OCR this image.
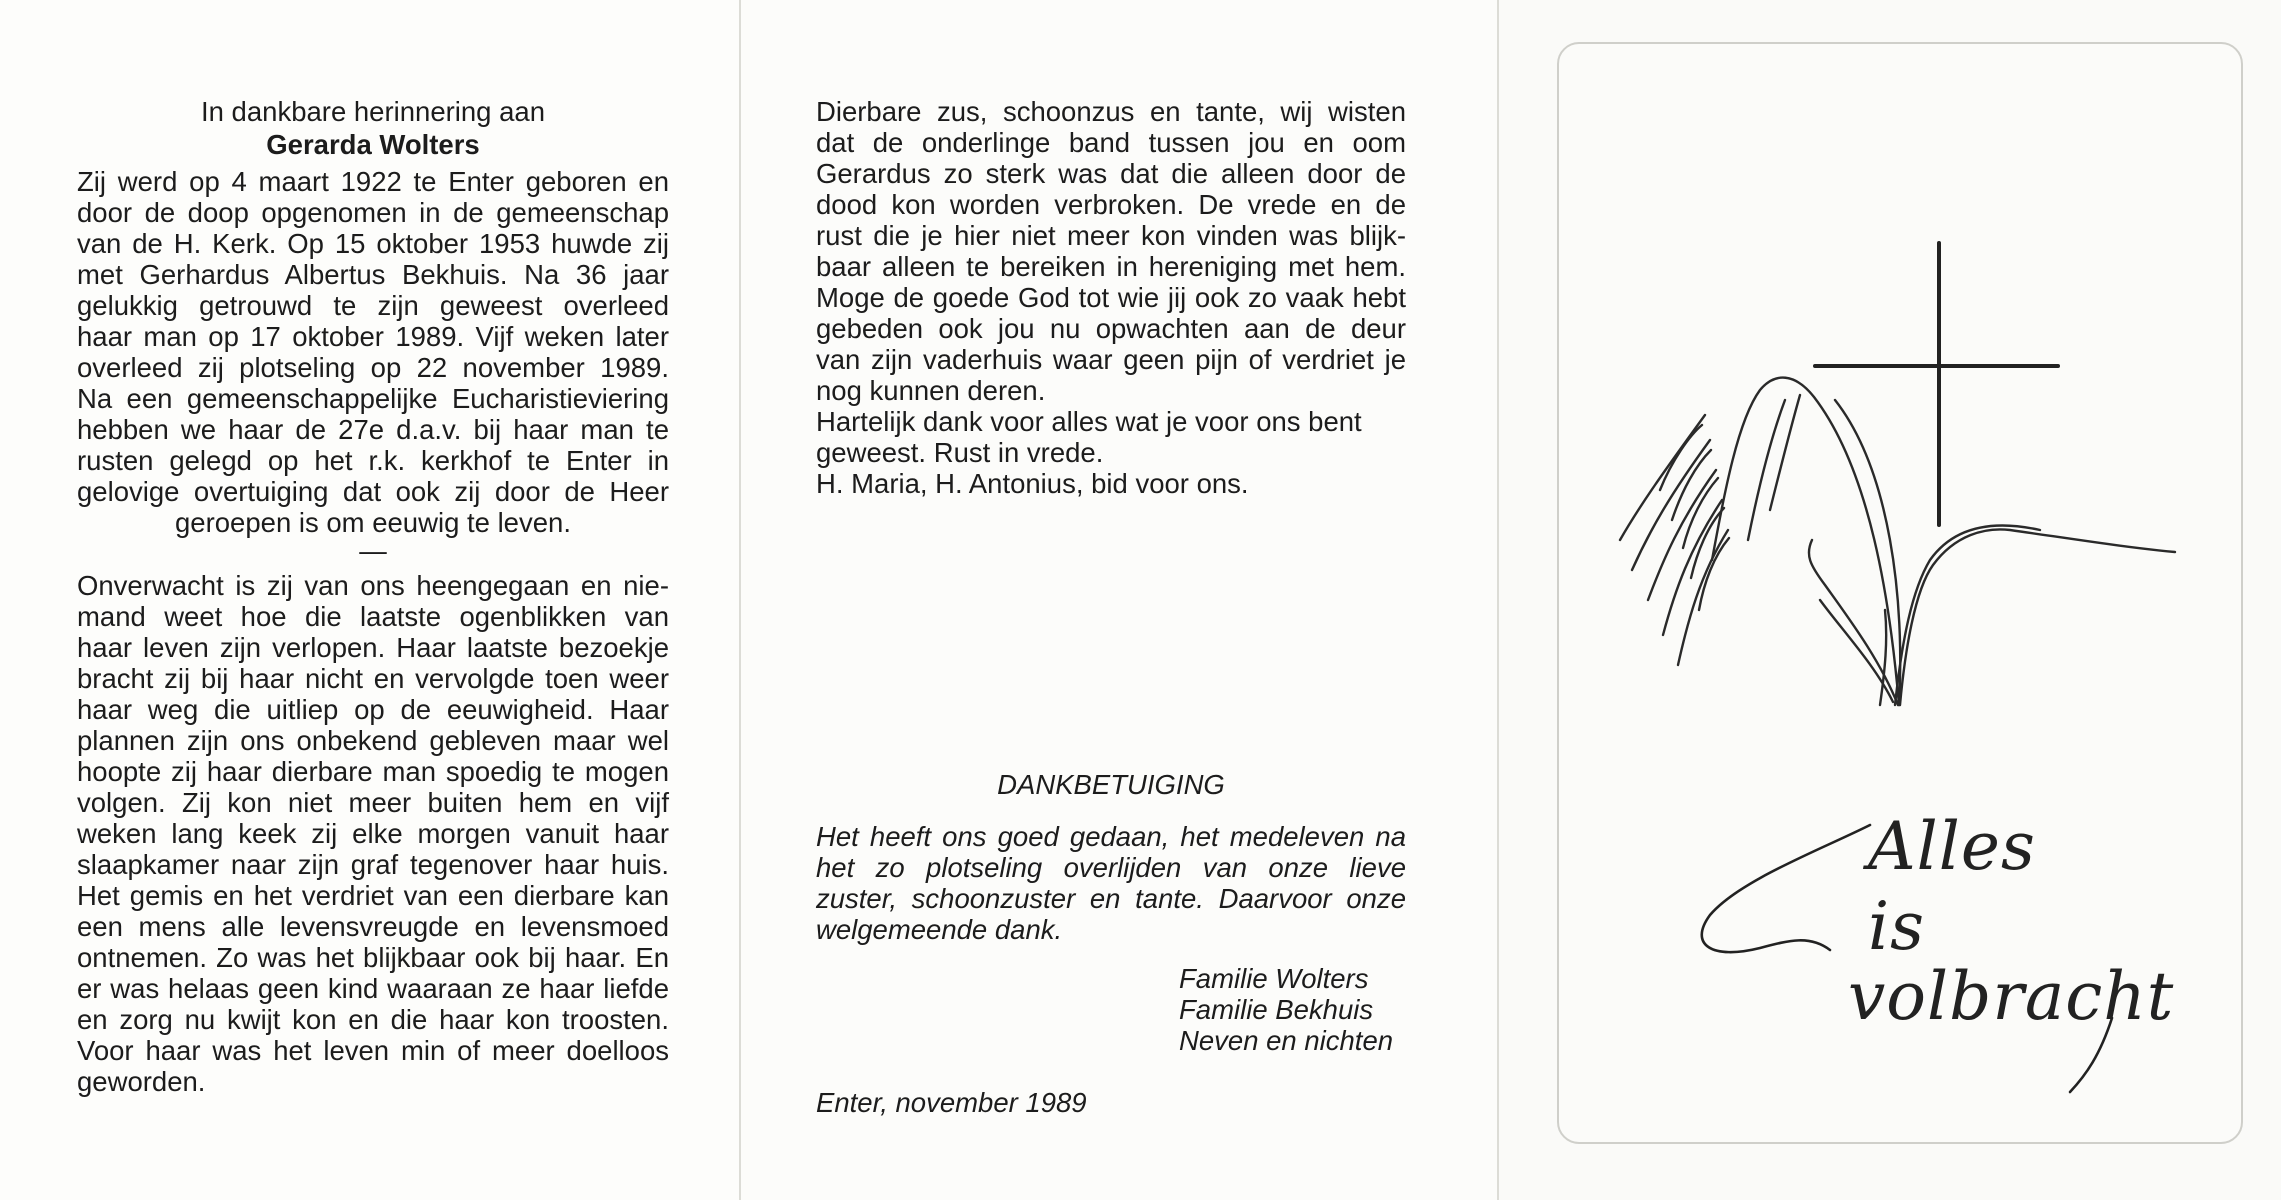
In dankbare herinnering aan
Gerarda Wolters
Zij werd op 4 maart 1922 te Enter geboren en
door de doop opgenomen in de gemeenschap
van de H. Kerk. Op 15 oktober 1953 huwde zij
met Gerhardus Albertus Bekhuis. Na 36 jaar
gelukkig getrouwd te zijn geweest overleed
haar man op 17 oktober 1989. Vijf weken later
overleed zij plotseling op 22 november 1989.
Na een gemeenschappelijke Eucharistieviering
hebben we haar de 27e d.a.v. bij haar man te
rusten gelegd op het r.k. kerkhof te Enter in
gelovige overtuiging dat ook zij door de Heer
geroepen is om eeuwig te leven.
—
Onverwacht is zij van ons heengegaan en nie-
mand weet hoe die laatste ogenblikken van
haar leven zijn verlopen. Haar laatste bezoekje
bracht zij bij haar nicht en vervolgde toen weer
haar weg die uitliep op de eeuwigheid. Haar
plannen zijn ons onbekend gebleven maar wel
hoopte zij haar dierbare man spoedig te mogen
volgen. Zij kon niet meer buiten hem en vijf
weken lang keek zij elke morgen vanuit haar
slaapkamer naar zijn graf tegenover haar huis.
Het gemis en het verdriet van een dierbare kan
een mens alle levensvreugde en levensmoed
ontnemen. Zo was het blijkbaar ook bij haar. En
er was helaas geen kind waaraan ze haar liefde
en zorg nu kwijt kon en die haar kon troosten.
Voor haar was het leven min of meer doelloos
geworden.
Dierbare zus, schoonzus en tante, wij wisten
dat de onderlinge band tussen jou en oom
Gerardus zo sterk was dat die alleen door de
dood kon worden verbroken. De vrede en de
rust die je hier niet meer kon vinden was blijk-
baar alleen te bereiken in hereniging met hem.
Moge de goede God tot wie jij ook zo vaak hebt
gebeden ook jou nu opwachten aan de deur
van zijn vaderhuis waar geen pijn of verdriet je
nog kunnen deren.
Hartelijk dank voor alles wat je voor ons bent
geweest. Rust in vrede.
H. Maria, H. Antonius, bid voor ons.
DANKBETUIGING
Het heeft ons goed gedaan, het medeleven na
het zo plotseling overlijden van onze lieve
zuster, schoonzuster en tante. Daarvoor onze
welgemeende dank.
Familie Wolters
Familie Bekhuis
Neven en nichten
Enter, november 1989
Alles
is
volbracht
